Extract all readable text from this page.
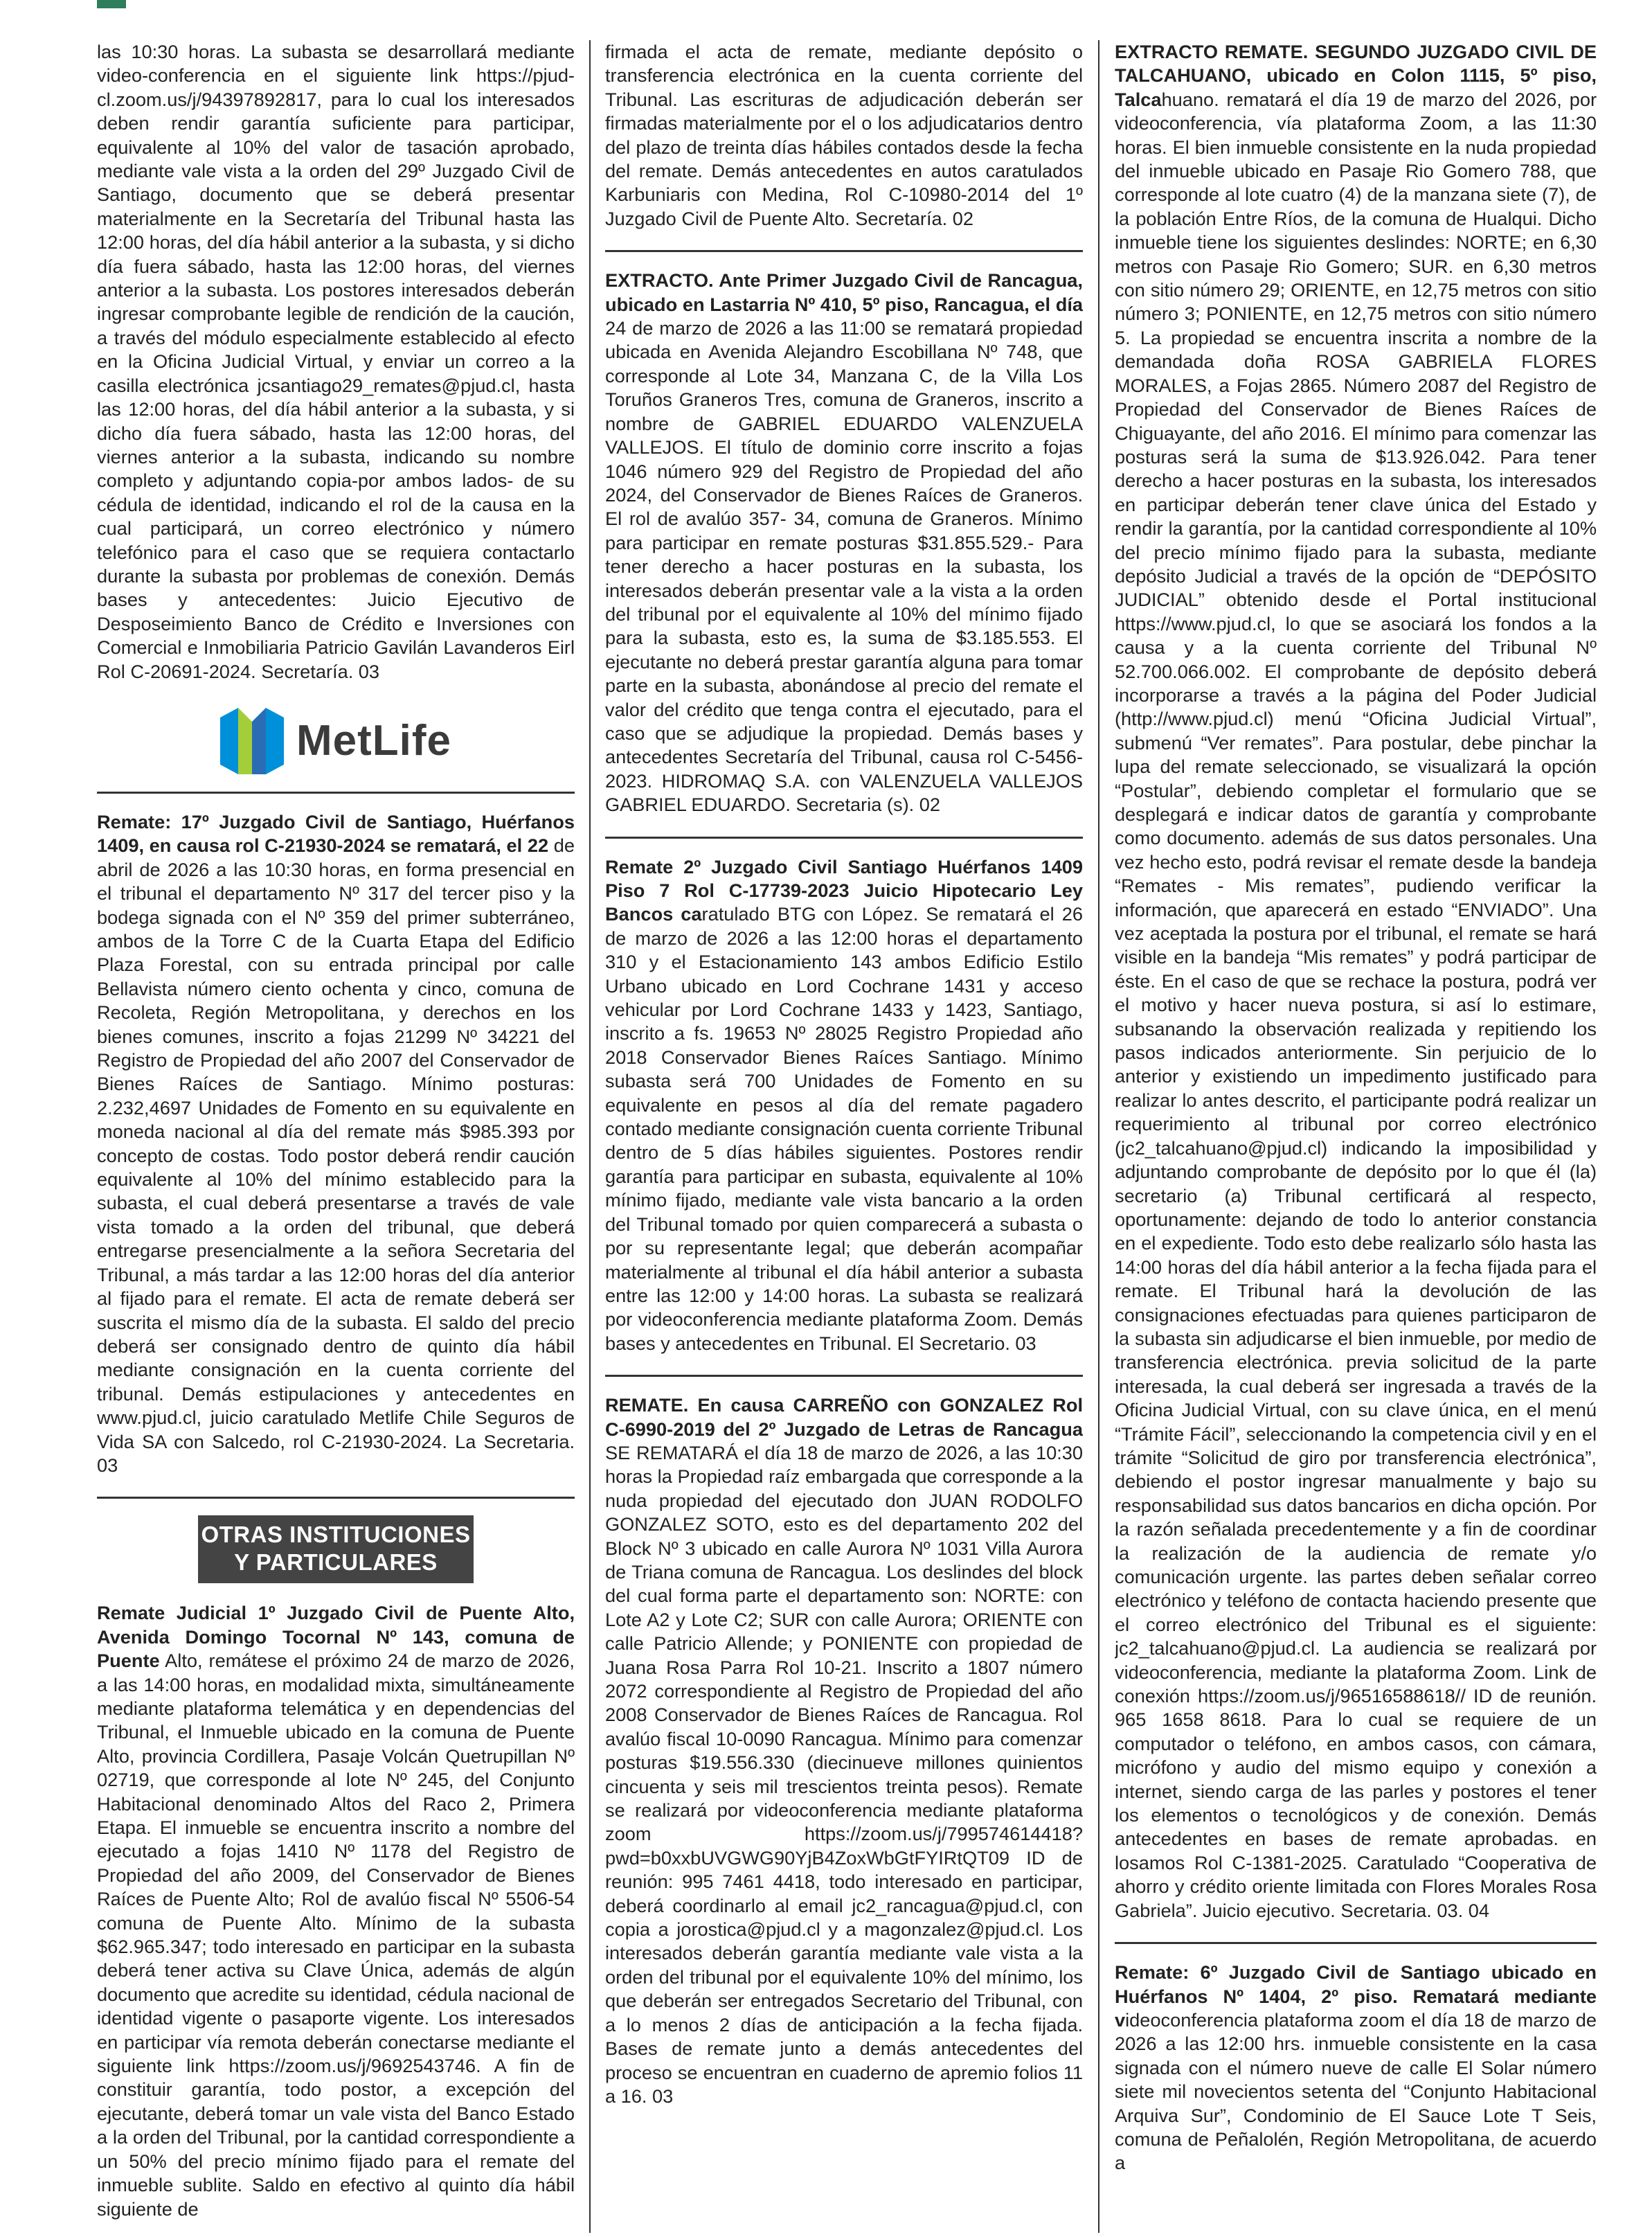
las 10:30 horas. La subasta se desarrollará mediante video-conferencia en el siguiente link https://pjud-cl.zoom.us/j/94397892817, para lo cual los interesados deben rendir garantía suficiente para participar, equivalente al 10% del valor de tasación aprobado, mediante vale vista a la orden del 29º Juzgado Civil de Santiago, documento que se deberá presentar materialmente en la Secretaría del Tribunal hasta las 12:00 horas, del día hábil anterior a la subasta, y si dicho día fuera sábado, hasta las 12:00 horas, del viernes anterior a la subasta. Los postores interesados deberán ingresar comprobante legible de rendición de la caución, a través del módulo especialmente establecido al efecto en la Oficina Judicial Virtual, y enviar un correo a la casilla electrónica jcsantiago29_remates@pjud.cl, hasta las 12:00 horas, del día hábil anterior a la subasta, y si dicho día fuera sábado, hasta las 12:00 horas, del viernes anterior a la subasta, indicando su nombre completo y adjuntando copia-por ambos lados- de su cédula de identidad, indicando el rol de la causa en la cual participará, un correo electrónico y número telefónico para el caso que se requiera contactarlo durante la subasta por problemas de conexión. Demás bases y antecedentes: Juicio Ejecutivo de Desposeimiento Banco de Crédito e Inversiones con Comercial e Inmobiliaria Patricio Gavilán Lavanderos Eirl Rol C-20691-2024. Secretaría. 03

MetLife

Remate: 17º Juzgado Civil de Santiago, Huérfanos 1409, en causa rol C-21930-2024 se rematará, el 22 de abril de 2026 a las 10:30 horas, en forma presencial en el tribunal el departamento Nº 317 del tercer piso y la bodega signada con el Nº 359 del primer subterráneo, ambos de la Torre C de la Cuarta Etapa del Edificio Plaza Forestal, con su entrada principal por calle Bellavista número ciento ochenta y cinco, comuna de Recoleta, Región Metropolitana, y derechos en los bienes comunes, inscrito a fojas 21299 Nº 34221 del Registro de Propiedad del año 2007 del Conservador de Bienes Raíces de Santiago. Mínimo posturas: 2.232,4697 Unidades de Fomento en su equivalente en moneda nacional al día del remate más $985.393 por concepto de costas. Todo postor deberá rendir caución equivalente al 10% del mínimo establecido para la subasta, el cual deberá presentarse a través de vale vista tomado a la orden del tribunal, que deberá entregarse presencialmente a la señora Secretaria del Tribunal, a más tardar a las 12:00 horas del día anterior al fijado para el remate. El acta de remate deberá ser suscrita el mismo día de la subasta. El saldo del precio deberá ser consignado dentro de quinto día hábil mediante consignación en la cuenta corriente del tribunal. Demás estipulaciones y antecedentes en www.pjud.cl, juicio caratulado Metlife Chile Seguros de Vida SA con Salcedo, rol C-21930-2024. La Secretaria. 03

OTRAS INSTITUCIONES
Y PARTICULARES

Remate Judicial 1º Juzgado Civil de Puente Alto, Avenida Domingo Tocornal Nº 143, comuna de Puente Alto, remátese el próximo 24 de marzo de 2026, a las 14:00 horas, en modalidad mixta, simultáneamente mediante plataforma telemática y en dependencias del Tribunal, el Inmueble ubicado en la comuna de Puente Alto, provincia Cordillera, Pasaje Volcán Quetrupillan Nº 02719, que corresponde al lote Nº 245, del Conjunto Habitacional denominado Altos del Raco 2, Primera Etapa. El inmueble se encuentra inscrito a nombre del ejecutado a fojas 1410 Nº 1178 del Registro de Propiedad del año 2009, del Conservador de Bienes Raíces de Puente Alto; Rol de avalúo fiscal Nº 5506-54 comuna de Puente Alto. Mínimo de la subasta $62.965.347; todo interesado en participar en la subasta deberá tener activa su Clave Única, además de algún documento que acredite su identidad, cédula nacional de identidad vigente o pasaporte vigente. Los interesados en participar vía remota deberán conectarse mediante el siguiente link https://zoom.us/j/9692543746. A fin de constituir garantía, todo postor, a excepción del ejecutante, deberá tomar un vale vista del Banco Estado a la orden del Tribunal, por la cantidad correspondiente a un 50% del precio mínimo fijado para el remate del inmueble sublite. Saldo en efectivo al quinto día hábil siguiente de

firmada el acta de remate, mediante depósito o transferencia electrónica en la cuenta corriente del Tribunal. Las escrituras de adjudicación deberán ser firmadas materialmente por el o los adjudicatarios dentro del plazo de treinta días hábiles contados desde la fecha del remate. Demás antecedentes en autos caratulados Karbuniaris con Medina, Rol C-10980-2014 del 1º Juzgado Civil de Puente Alto. Secretaría. 02

EXTRACTO. Ante Primer Juzgado Civil de Rancagua, ubicado en Lastarria Nº 410, 5º piso, Rancagua, el día 24 de marzo de 2026 a las 11:00 se rematará propiedad ubicada en Avenida Alejandro Escobillana Nº 748, que corresponde al Lote 34, Manzana C, de la Villa Los Toruños Graneros Tres, comuna de Graneros, inscrito a nombre de GABRIEL EDUARDO VALENZUELA VALLEJOS. El título de dominio corre inscrito a fojas 1046 número 929 del Registro de Propiedad del año 2024, del Conservador de Bienes Raíces de Graneros. El rol de avalúo 357- 34, comuna de Graneros. Mínimo para participar en remate posturas $31.855.529.- Para tener derecho a hacer posturas en la subasta, los interesados deberán presentar vale a la vista a la orden del tribunal por el equivalente al 10% del mínimo fijado para la subasta, esto es, la suma de $3.185.553. El ejecutante no deberá prestar garantía alguna para tomar parte en la subasta, abonándose al precio del remate el valor del crédito que tenga contra el ejecutado, para el caso que se adjudique la propiedad. Demás bases y antecedentes Secretaría del Tribunal, causa rol C-5456-2023. HIDROMAQ S.A. con VALENZUELA VALLEJOS GABRIEL EDUARDO. Secretaria (s). 02

Remate 2º Juzgado Civil Santiago Huérfanos 1409 Piso 7 Rol C-17739-2023 Juicio Hipotecario Ley Bancos caratulado BTG con López. Se rematará el 26 de marzo de 2026 a las 12:00 horas el departamento 310 y el Estacionamiento 143 ambos Edificio Estilo Urbano ubicado en Lord Cochrane 1431 y acceso vehicular por Lord Cochrane 1433 y 1423, Santiago, inscrito a fs. 19653 Nº 28025 Registro Propiedad año 2018 Conservador Bienes Raíces Santiago. Mínimo subasta será 700 Unidades de Fomento en su equivalente en pesos al día del remate pagadero contado mediante consignación cuenta corriente Tribunal dentro de 5 días hábiles siguientes. Postores rendir garantía para participar en subasta, equivalente al 10% mínimo fijado, mediante vale vista bancario a la orden del Tribunal tomado por quien comparecerá a subasta o por su representante legal; que deberán acompañar materialmente al tribunal el día hábil anterior a subasta entre las 12:00 y 14:00 horas. La subasta se realizará por videoconferencia mediante plataforma Zoom. Demás bases y antecedentes en Tribunal. El Secretario. 03

REMATE. En causa CARREÑO con GONZALEZ Rol C-6990-2019 del 2º Juzgado de Letras de Rancagua SE REMATARÁ el día 18 de marzo de 2026, a las 10:30 horas la Propiedad raíz embargada que corresponde a la nuda propiedad del ejecutado don JUAN RODOLFO GONZALEZ SOTO, esto es del departamento 202 del Block Nº 3 ubicado en calle Aurora Nº 1031 Villa Aurora de Triana comuna de Rancagua. Los deslindes del block del cual forma parte el departamento son: NORTE: con Lote A2 y Lote C2; SUR con calle Aurora; ORIENTE con calle Patricio Allende; y PONIENTE con propiedad de Juana Rosa Parra Rol 10-21. Inscrito a 1807 número 2072 correspondiente al Registro de Propiedad del año 2008 Conservador de Bienes Raíces de Rancagua. Rol avalúo fiscal 10-0090 Rancagua. Mínimo para comenzar posturas $19.556.330 (diecinueve millones quinientos cincuenta y seis mil trescientos treinta pesos). Remate se realizará por videoconferencia mediante plataforma zoom https://zoom.us/j/799574614418?pwd=b0xxbUVGWG90YjB4ZoxWbGtFYIRtQT09 ID de reunión: 995 7461 4418, todo interesado en participar, deberá coordinarlo al email jc2_rancagua@pjud.cl, con copia a jorostica@pjud.cl y a magonzalez@pjud.cl. Los interesados deberán garantía mediante vale vista a la orden del tribunal por el equivalente 10% del mínimo, los que deberán ser entregados Secretario del Tribunal, con a lo menos 2 días de anticipación a la fecha fijada. Bases de remate junto a demás antecedentes del proceso se encuentran en cuaderno de apremio folios 11 a 16. 03

EXTRACTO REMATE. SEGUNDO JUZGADO CIVIL DE TALCAHUANO, ubicado en Colon 1115, 5º piso, Talcahuano. rematará el día 19 de marzo del 2026, por videoconferencia, vía plataforma Zoom, a las 11:30 horas. El bien inmueble consistente en la nuda propiedad del inmueble ubicado en Pasaje Rio Gomero 788, que corresponde al lote cuatro (4) de la manzana siete (7), de la población Entre Ríos, de la comuna de Hualqui. Dicho inmueble tiene los siguientes deslindes: NORTE; en 6,30 metros con Pasaje Rio Gomero; SUR. en 6,30 metros con sitio número 29; ORIENTE, en 12,75 metros con sitio número 3; PONIENTE, en 12,75 metros con sitio número 5. La propiedad se encuentra inscrita a nombre de la demandada doña ROSA GABRIELA FLORES MORALES, a Fojas 2865. Número 2087 del Registro de Propiedad del Conservador de Bienes Raíces de Chiguayante, del año 2016. El mínimo para comenzar las posturas será la suma de $13.926.042. Para tener derecho a hacer posturas en la subasta, los interesados en participar deberán tener clave única del Estado y rendir la garantía, por la cantidad correspondiente al 10% del precio mínimo fijado para la subasta, mediante depósito Judicial a través de la opción de “DEPÓSITO JUDICIAL” obtenido desde el Portal institucional https://www.pjud.cl, lo que se asociará los fondos a la causa y a la cuenta corriente del Tribunal Nº 52.700.066.002. El comprobante de depósito deberá incorporarse a través a la página del Poder Judicial (http://www.pjud.cl) menú “Oficina Judicial Virtual”, submenú “Ver remates”. Para postular, debe pinchar la lupa del remate seleccionado, se visualizará la opción “Postular”, debiendo completar el formulario que se desplegará e indicar datos de garantía y comprobante como documento. además de sus datos personales. Una vez hecho esto, podrá revisar el remate desde la bandeja “Remates - Mis remates”, pudiendo verificar la información, que aparecerá en estado “ENVIADO”. Una vez aceptada la postura por el tribunal, el remate se hará visible en la bandeja “Mis remates” y podrá participar de éste. En el caso de que se rechace la postura, podrá ver el motivo y hacer nueva postura, si así lo estimare, subsanando la observación realizada y repitiendo los pasos indicados anteriormente. Sin perjuicio de lo anterior y existiendo un impedimento justificado para realizar lo antes descrito, el participante podrá realizar un requerimiento al tribunal por correo electrónico (jc2_talcahuano@pjud.cl) indicando la imposibilidad y adjuntando comprobante de depósito por lo que él (la) secretario (a) Tribunal certificará al respecto, oportunamente: dejando de todo lo anterior constancia en el expediente. Todo esto debe realizarlo sólo hasta las 14:00 horas del día hábil anterior a la fecha fijada para el remate. El Tribunal hará la devolución de las consignaciones efectuadas para quienes participaron de la subasta sin adjudicarse el bien inmueble, por medio de transferencia electrónica. previa solicitud de la parte interesada, la cual deberá ser ingresada a través de la Oficina Judicial Virtual, con su clave única, en el menú “Trámite Fácil”, seleccionando la competencia civil y en el trámite “Solicitud de giro por transferencia electrónica”, debiendo el postor ingresar manualmente y bajo su responsabilidad sus datos bancarios en dicha opción. Por la razón señalada precedentemente y a fin de coordinar la realización de la audiencia de remate y/o comunicación urgente. las partes deben señalar correo electrónico y teléfono de contacta haciendo presente que el correo electrónico del Tribunal es el siguiente: jc2_talcahuano@pjud.cl. La audiencia se realizará por videoconferencia, mediante la plataforma Zoom. Link de conexión https://zoom.us/j/96516588618// ID de reunión. 965 1658 8618. Para lo cual se requiere de un computador o teléfono, en ambos casos, con cámara, micrófono y audio del mismo equipo y conexión a internet, siendo carga de las parles y postores el tener los elementos o tecnológicos y de conexión. Demás antecedentes en bases de remate aprobadas. en losamos Rol C-1381-2025. Caratulado “Cooperativa de ahorro y crédito oriente limitada con Flores Morales Rosa Gabriela”. Juicio ejecutivo. Secretaria. 03. 04

Remate: 6º Juzgado Civil de Santiago ubicado en Huérfanos Nº 1404, 2º piso. Rematará mediante videoconferencia plataforma zoom el día 18 de marzo de 2026 a las 12:00 hrs. inmueble consistente en la casa signada con el número nueve de calle El Solar número siete mil novecientos setenta del “Conjunto Habitacional Arquiva Sur”, Condominio de El Sauce Lote T Seis, comuna de Peñalolén, Región Metropolitana, de acuerdo a
